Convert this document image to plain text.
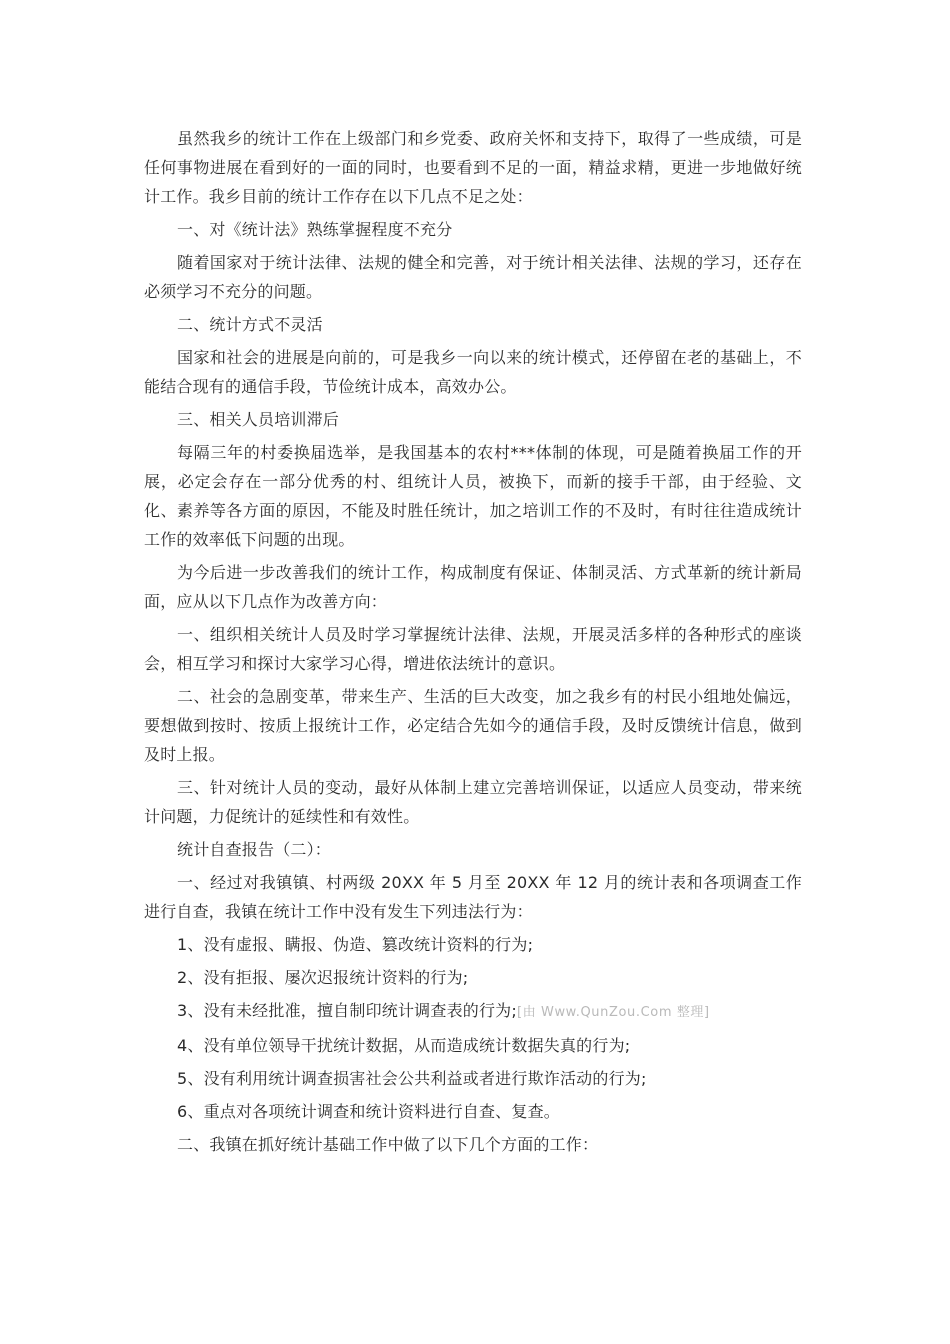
虽然我乡的统计工作在上级部门和乡党委、政府关怀和支持下，取得了一些成绩，可是任何事物进展在看到好的一面的同时，也要看到不足的一面，精益求精，更进一步地做好统计工作。我乡目前的统计工作存在以下几点不足之处：

一、对《统计法》熟练掌握程度不充分

随着国家对于统计法律、法规的健全和完善，对于统计相关法律、法规的学习，还存在必须学习不充分的问题。

二、统计方式不灵活

国家和社会的进展是向前的，可是我乡一向以来的统计模式，还停留在老的基础上，不能结合现有的通信手段，节俭统计成本，高效办公。

三、相关人员培训滞后

每隔三年的村委换届选举，是我国基本的农村***体制的体现，可是随着换届工作的开展，必定会存在一部分优秀的村、组统计人员，被换下，而新的接手干部，由于经验、文化、素养等各方面的原因，不能及时胜任统计，加之培训工作的不及时，有时往往造成统计工作的效率低下问题的出现。

为今后进一步改善我们的统计工作，构成制度有保证、体制灵活、方式革新的统计新局面，应从以下几点作为改善方向：

一、组织相关统计人员及时学习掌握统计法律、法规，开展灵活多样的各种形式的座谈会，相互学习和探讨大家学习心得，增进依法统计的意识。

二、社会的急剧变革，带来生产、生活的巨大改变，加之我乡有的村民小组地处偏远，要想做到按时、按质上报统计工作，必定结合先如今的通信手段，及时反馈统计信息，做到及时上报。

三、针对统计人员的变动，最好从体制上建立完善培训保证，以适应人员变动，带来统计问题，力促统计的延续性和有效性。

统计自查报告（二）：

一、经过对我镇镇、村两级 20XX 年 5 月至 20XX 年 12 月的统计表和各项调查工作进行自查，我镇在统计工作中没有发生下列违法行为：

1、没有虚报、瞒报、伪造、篡改统计资料的行为;

2、没有拒报、屡次迟报统计资料的行为;

3、没有未经批准，擅自制印统计调查表的行为;[由 Www.QunZou.Com 整理]

4、没有单位领导干扰统计数据，从而造成统计数据失真的行为;

5、没有利用统计调查损害社会公共利益或者进行欺诈活动的行为;

6、重点对各项统计调查和统计资料进行自查、复查。

二、我镇在抓好统计基础工作中做了以下几个方面的工作：
